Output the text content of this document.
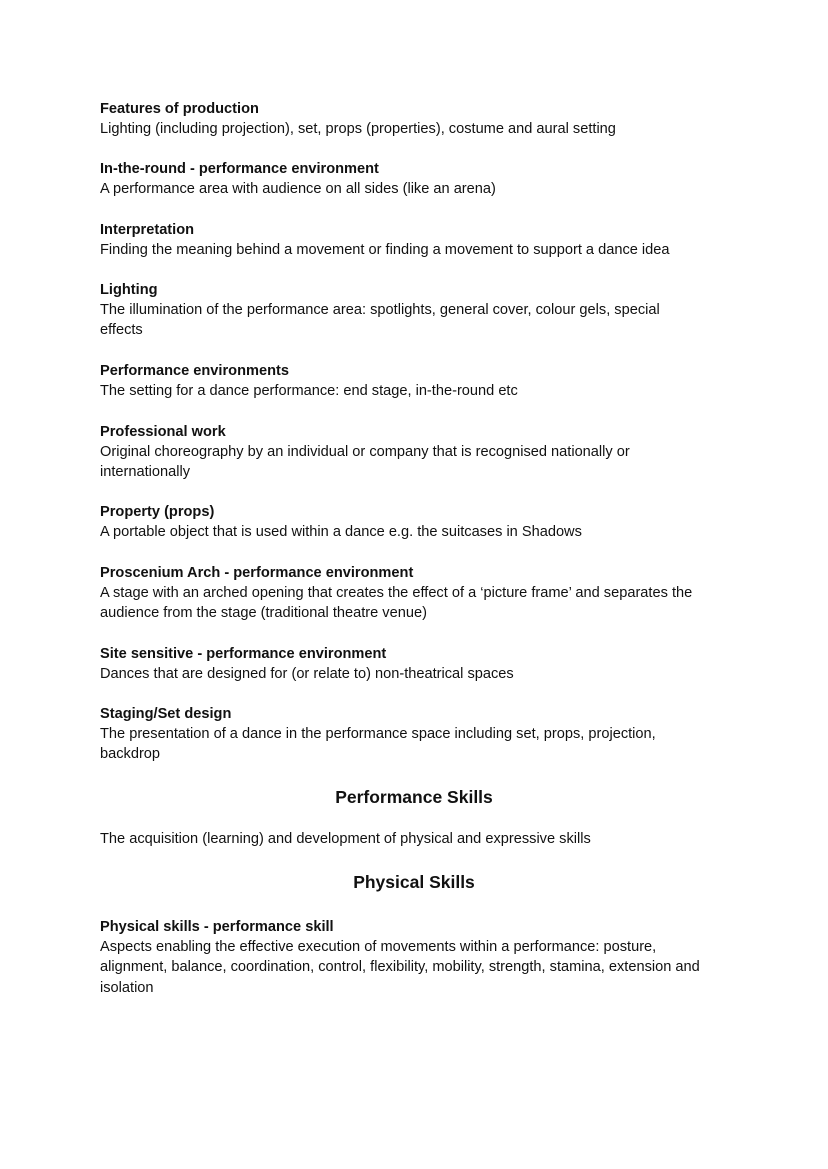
Features of production
Lighting (including projection), set, props (properties), costume and aural setting
In-the-round - performance environment
A performance area with audience on all sides (like an arena)
Interpretation
Finding the meaning behind a movement or finding a movement to support a dance idea
Lighting
The illumination of the performance area: spotlights, general cover, colour gels, special effects
Performance environments
The setting for a dance performance: end stage, in-the-round etc
Professional work
Original choreography by an individual or company that is recognised nationally or internationally
Property (props)
A portable object that is used within a dance e.g. the suitcases in Shadows
Proscenium Arch - performance environment
A stage with an arched opening that creates the effect of a ‘picture frame’ and separates the audience from the stage (traditional theatre venue)
Site sensitive - performance environment
Dances that are designed for (or relate to) non-theatrical spaces
Staging/Set design
The presentation of a dance in the performance space including set, props, projection, backdrop
Performance Skills
The acquisition (learning) and development of physical and expressive skills
Physical Skills
Physical skills - performance skill
Aspects enabling the effective execution of movements within a performance: posture, alignment, balance, coordination, control, flexibility, mobility, strength, stamina, extension and isolation
